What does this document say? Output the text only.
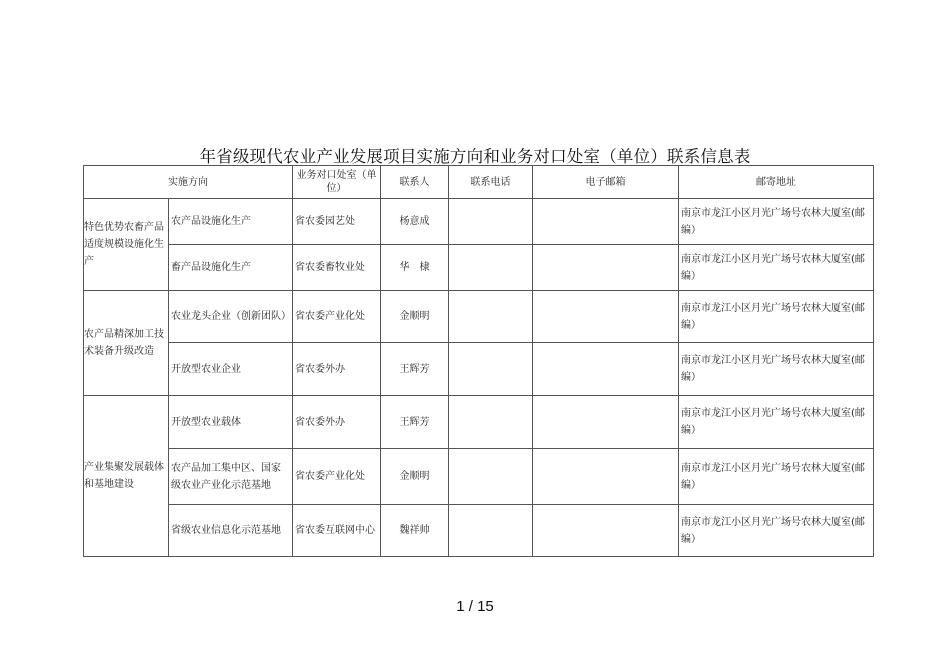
年省级现代农业产业发展项目实施方向和业务对口处室（单位）联系信息表
实施方向		业务对口处室（单位）	联系人	联系电话	电子邮箱	邮寄地址
特色优势农畜产品适度规模设施化生产	农产品设施化生产	省农委园艺处	杨意成			南京市龙江小区月光广场号农林大厦室(邮编）
	畜产品设施化生产	省农委畜牧业处	华　棣			南京市龙江小区月光广场号农林大厦室(邮编）
农产品精深加工技术装备升级改造	农业龙头企业（创新团队）	省农委产业化处	金顺明			南京市龙江小区月光广场号农林大厦室(邮编）
	开放型农业企业	省农委外办	王辉芳			南京市龙江小区月光广场号农林大厦室(邮编）
产业集聚发展载体和基地建设	开放型农业载体	省农委外办	王辉芳			南京市龙江小区月光广场号农林大厦室(邮编）
	农产品加工集中区、国家级农业产业化示范基地	省农委产业化处	金顺明			南京市龙江小区月光广场号农林大厦室(邮编）
	省级农业信息化示范基地	省农委互联网中心	魏祥帅			南京市龙江小区月光广场号农林大厦室(邮编）
1 / 15
